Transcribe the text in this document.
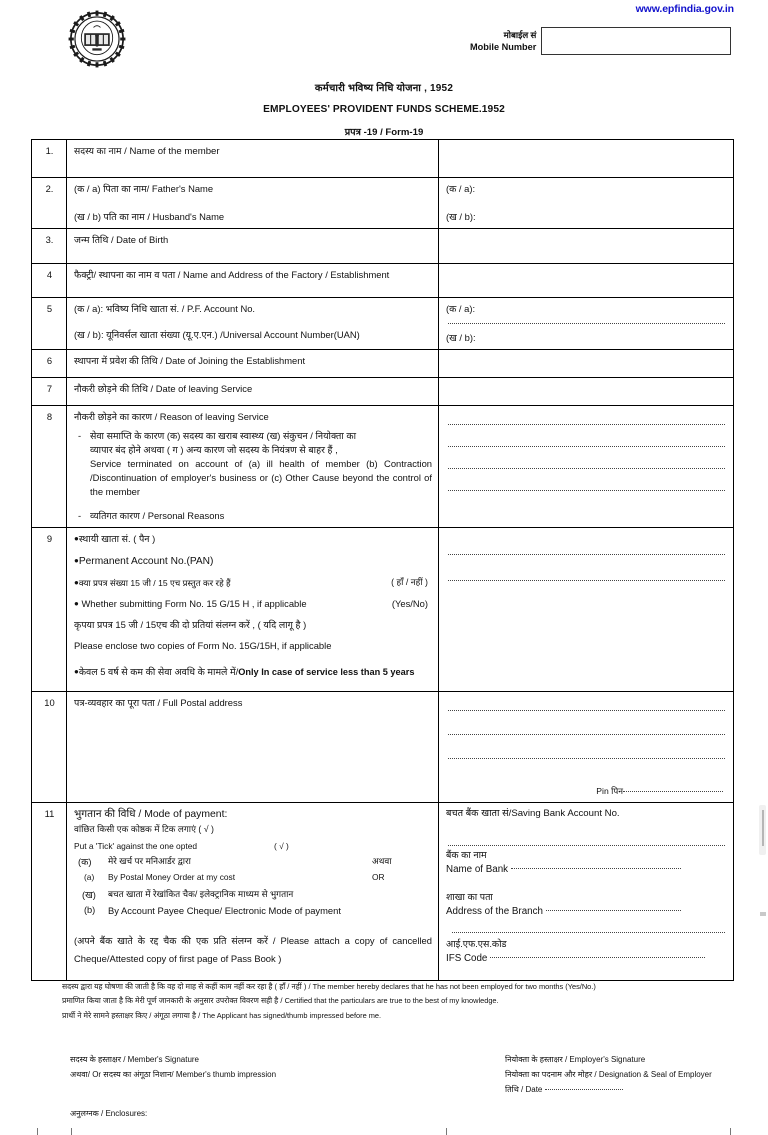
www.epfindia.gov.in
मोबाईल सं
Mobile Number
कर्मचारी भविष्य निधि योजना , 1952
EMPLOYEES' PROVIDENT FUNDS SCHEME.1952
प्रपत्र -19 / Form-19
1.	सदस्य का नाम / Name of the member	
2.	(क / a) पिता का नाम/ Father's Name
(ख / b) पति का नाम / Husband's Name

(क / a):
(ख / b):

3.	जन्म तिथि / Date of Birth	
4	फैक्ट्री/ स्थापना का नाम व पता / Name and Address of the Factory / Establishment	
5	(क / a): भविष्य निधि खाता सं. / P.F. Account No.
(ख / b): यूनिवर्सल खाता संख्या (यू.ए.एन.) /Universal Account Number(UAN)

(क / a):
(ख / b):

6	स्थापना में प्रवेश की तिथि / Date of Joining the Establishment	
7	नौकरी छोड़ने की तिथि / Date of leaving Service	
8	नौकरी छोड़ने का कारण / Reason of leaving Service
- सेवा समाप्ति के कारण (क) सदस्य का खराब स्वास्थ्य (ख) संकुचन / नियोक्ता का
व्यापार बंद होने अथवा ( ग ) अन्य कारण जो सदस्य के नियंत्रण से बाहर हैं ,
Service terminated on account of (a) ill health of member (b) Contraction /Discontinuation of employer's business or (c) Other Cause beyond the control of the member
- व्यतिगत कारण / Personal Reasons

9	●स्थायी खाता सं. ( पैन )
●Permanent Account No.(PAN)
●क्या प्रपत्र संख्या 15 जी / 15 एच प्रस्तुत कर रहे हैं	( हाँ / नहीं )
● Whether submitting Form No. 15 G/15 H , if applicable	(Yes/No)
कृपया प्रपत्र 15 जी / 15एच की दो प्रतियां संलग्न करें , ( यदि लागू है )
Please enclose two copies of Form No. 15G/15H, if applicable
●केवल 5 वर्ष से कम की सेवा अवधि के मामले में/Only In case of service less than 5 years

10	पत्र-व्यवहार का पूरा पता / Full Postal address	Pin पिन

11	भुगतान की विधि / Mode of payment:
वांछित किसी एक कोष्ठक में टिक लगाएं ( √ )
Put a 'Tick' against the one opted	( √ )
(क)	मेरे खर्च पर मनिआर्डर द्वारा	अथवा
(a)	By Postal Money Order at my cost	OR
(ख)	बचत खाता में रेखांकित चैक/ इलेक्ट्रानिक माध्यम से भुगतान
(b)	By Account Payee Cheque/ Electronic Mode of payment
(अपने बैंक खाते के रद्द चैक की एक प्रति संलग्न करें / Please attach a copy of cancelled Cheque/Attested copy of first page of Pass Book )

बचत बैंक खाता सं/Saving Bank Account No.
बैंक का नाम
Name of Bank
शाखा का पता
Address of the Branch
आई.एफ.एस.कोड
IFS Code
सदस्य द्वारा यह घोषणा की जाती है कि वह दो माह से कहीं काम नहीं कर रहा है ( हाँ / नहीं ) / The member hereby declares that he has not been employed for two months (Yes/No.)
प्रमाणित किया जाता है कि मेरी पूर्ण जानकारी के अनुसार उपरोक्त विवरण सही है / Certified that the particulars are true to the best of my knowledge.
प्रार्थी ने मेरे सामने हस्ताक्षर किए / अंगूठा लगाया है / The Applicant has signed/thumb impressed before me.
सदस्य के हस्ताक्षर / Member's Signature
अथवा/ Or सदस्य का अंगूठा निशान/ Member's thumb impression
नियोक्ता के हस्ताक्षर / Employer's Signature
नियोक्ता का पदनाम और मोहर / Designation & Seal of Employer
तिथि / Date
अनुलग्नक / Enclosures:
